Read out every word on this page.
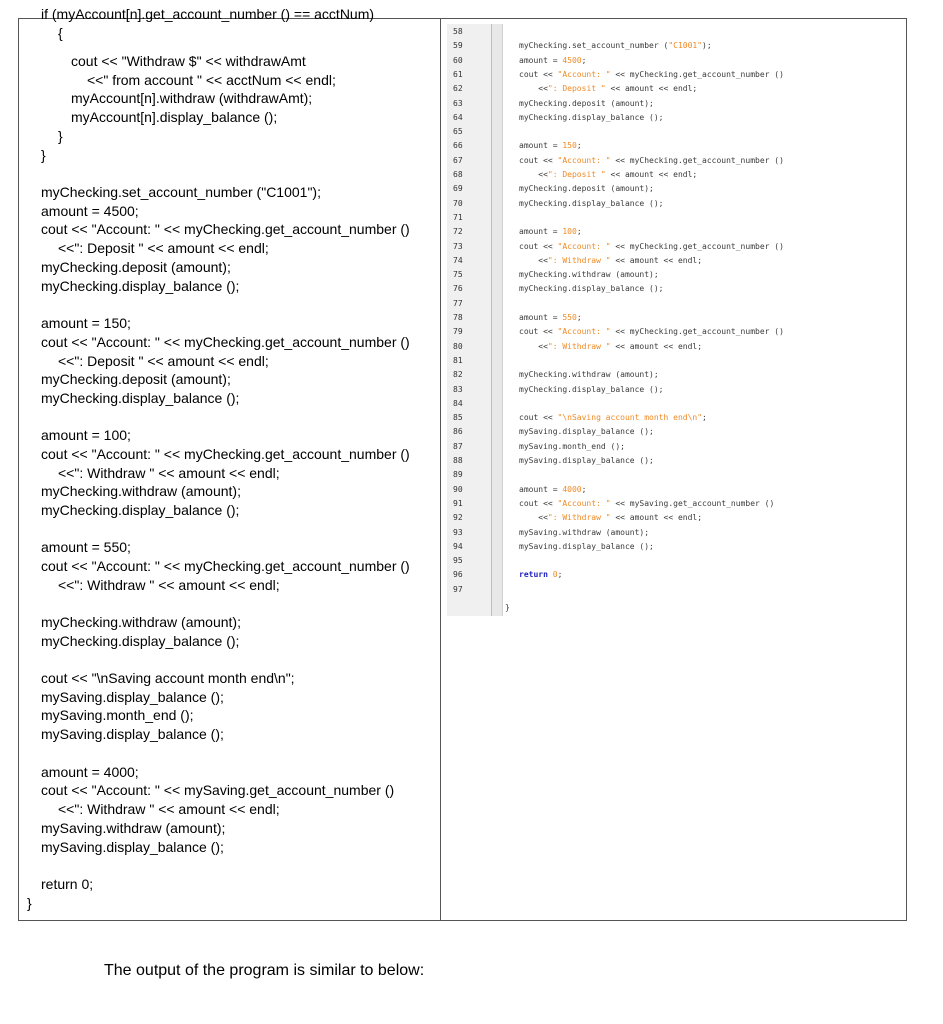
if (myAccount[n].get_account_number () == acctNum)
{
cout << "Withdraw $" << withdrawAmt
<<" from account " << acctNum << endl;
myAccount[n].withdraw (withdrawAmt);
myAccount[n].display_balance ();
}
}
myChecking.set_account_number ("C1001");
amount = 4500;
cout << "Account: " << myChecking.get_account_number ()
<<": Deposit " << amount << endl;
myChecking.deposit (amount);
myChecking.display_balance ();
amount = 150;
cout << "Account: " << myChecking.get_account_number ()
<<": Deposit " << amount << endl;
myChecking.deposit (amount);
myChecking.display_balance ();
amount = 100;
cout << "Account: " << myChecking.get_account_number ()
<<": Withdraw " << amount << endl;
myChecking.withdraw (amount);
myChecking.display_balance ();
amount = 550;
cout << "Account: " << myChecking.get_account_number ()
<<": Withdraw " << amount << endl;
myChecking.withdraw (amount);
myChecking.display_balance ();
cout << "\nSaving account month end\n";
mySaving.display_balance ();
mySaving.month_end ();
mySaving.display_balance ();
amount = 4000;
cout << "Account: " << mySaving.get_account_number ()
<<": Withdraw " << amount << endl;
mySaving.withdraw (amount);
mySaving.display_balance ();
return 0;
}
}
58
59
60
61
62
63
64
65
66
67
68
69
70
71
72
73
74
75
76
77
78
79
80
81
82
83
84
85
86
87
88
89
90
91
92
93
94
95
96
97
myChecking.set_account_number ("C1001");
amount = 4500;
cout << "Account: " << myChecking.get_account_number ()
<<": Deposit " << amount << endl;
myChecking.deposit (amount);
myChecking.display_balance ();
amount = 150;
cout << "Account: " << myChecking.get_account_number ()
<<": Deposit " << amount << endl;
myChecking.deposit (amount);
myChecking.display_balance ();
amount = 100;
cout << "Account: " << myChecking.get_account_number ()
<<": Withdraw " << amount << endl;
myChecking.withdraw (amount);
myChecking.display_balance ();
amount = 550;
cout << "Account: " << myChecking.get_account_number ()
<<": Withdraw " << amount << endl;
myChecking.withdraw (amount);
myChecking.display_balance ();
cout << "\nSaving account month end\n";
mySaving.display_balance ();
mySaving.month_end ();
mySaving.display_balance ();
amount = 4000;
cout << "Account: " << mySaving.get_account_number ()
<<": Withdraw " << amount << endl;
mySaving.withdraw (amount);
mySaving.display_balance ();
return 0;
The output of the program is similar to below:
